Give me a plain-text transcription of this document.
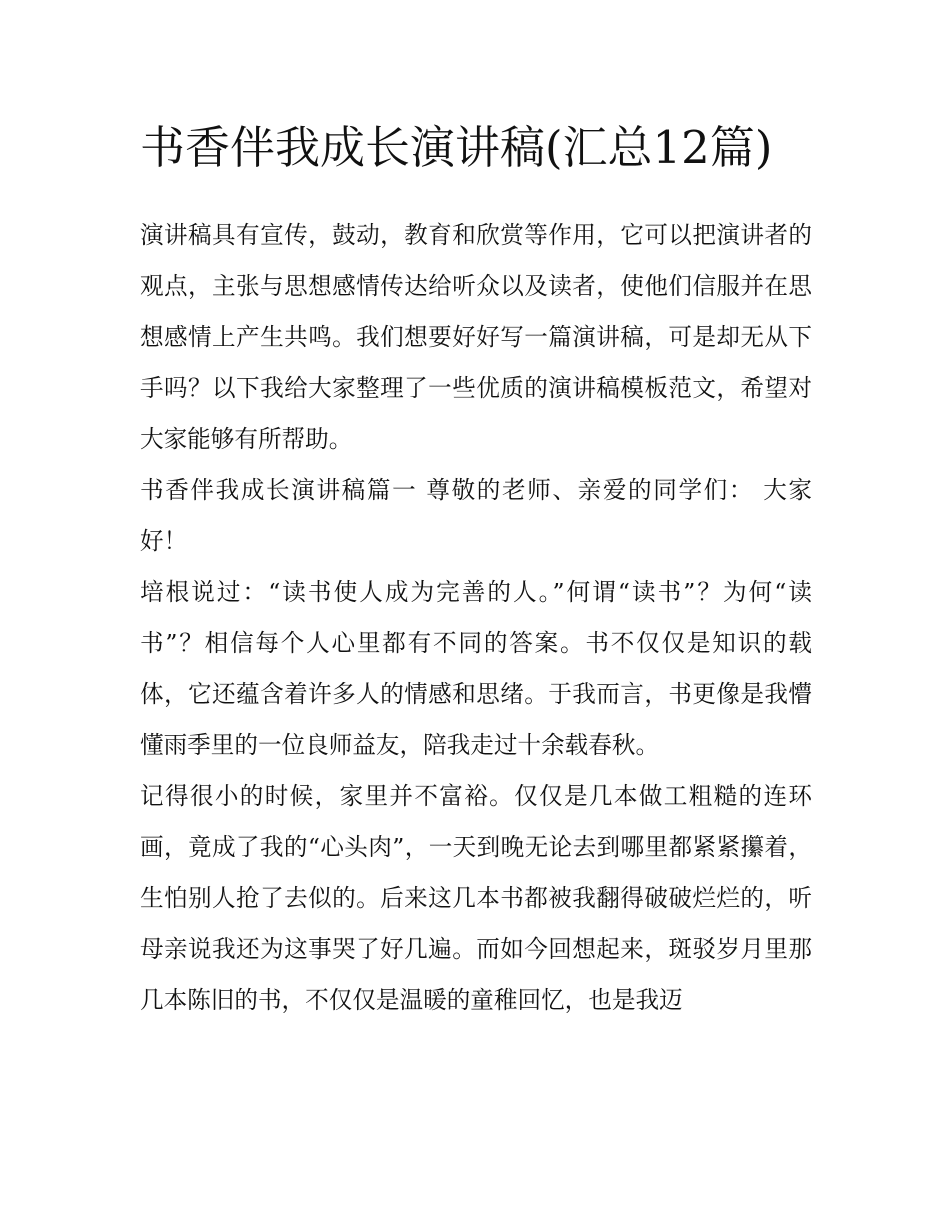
书香伴我成长演讲稿(汇总12篇)

演讲稿具有宣传，鼓动，教育和欣赏等作用，它可以把演讲者的观点，主张与思想感情传达给听众以及读者，使他们信服并在思想感情上产生共鸣。我们想要好好写一篇演讲稿，可是却无从下手吗？以下我给大家整理了一些优质的演讲稿模板范文，希望对大家能够有所帮助。

书香伴我成长演讲稿篇一 尊敬的老师、亲爱的同学们： 大家好！

培根说过：“读书使人成为完善的人。”何谓“读书”？为何“读书”？相信每个人心里都有不同的答案。书不仅仅是知识的载体，它还蕴含着许多人的情感和思绪。于我而言，书更像是我懵懂雨季里的一位良师益友，陪我走过十余载春秋。

记得很小的时候，家里并不富裕。仅仅是几本做工粗糙的连环画，竟成了我的“心头肉”，一天到晚无论去到哪里都紧紧攥着，生怕别人抢了去似的。后来这几本书都被我翻得破破烂烂的，听母亲说我还为这事哭了好几遍。而如今回想起来，斑驳岁月里那几本陈旧的书，不仅仅是温暖的童稚回忆，也是我迈
